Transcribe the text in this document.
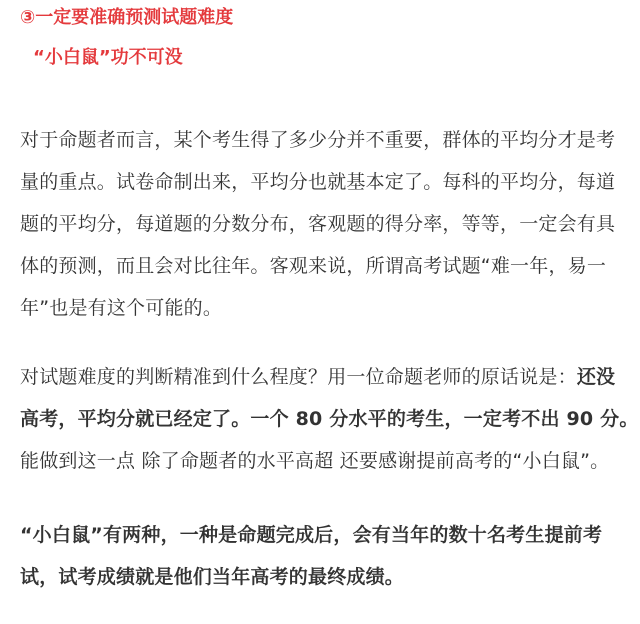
③一定要准确预测试题难度
“小白鼠”功不可没
对于命题者而言，某个考生得了多少分并不重要，群体的平均分才是考
量的重点。试卷命制出来，平均分也就基本定了。每科的平均分，每道
题的平均分，每道题的分数分布，客观题的得分率，等等，一定会有具
体的预测，而且会对比往年。客观来说，所谓高考试题“难一年，易一
年”也是有这个可能的。
对试题难度的判断精准到什么程度？用一位命题老师的原话说是：还没
高考，平均分就已经定了。一个 80 分水平的考生，一定考不出 90 分。
能做到这一点 除了命题者的水平高超 还要感谢提前高考的“小白鼠”。
“小白鼠”有两种，一种是命题完成后，会有当年的数十名考生提前考
试，试考成绩就是他们当年高考的最终成绩。
